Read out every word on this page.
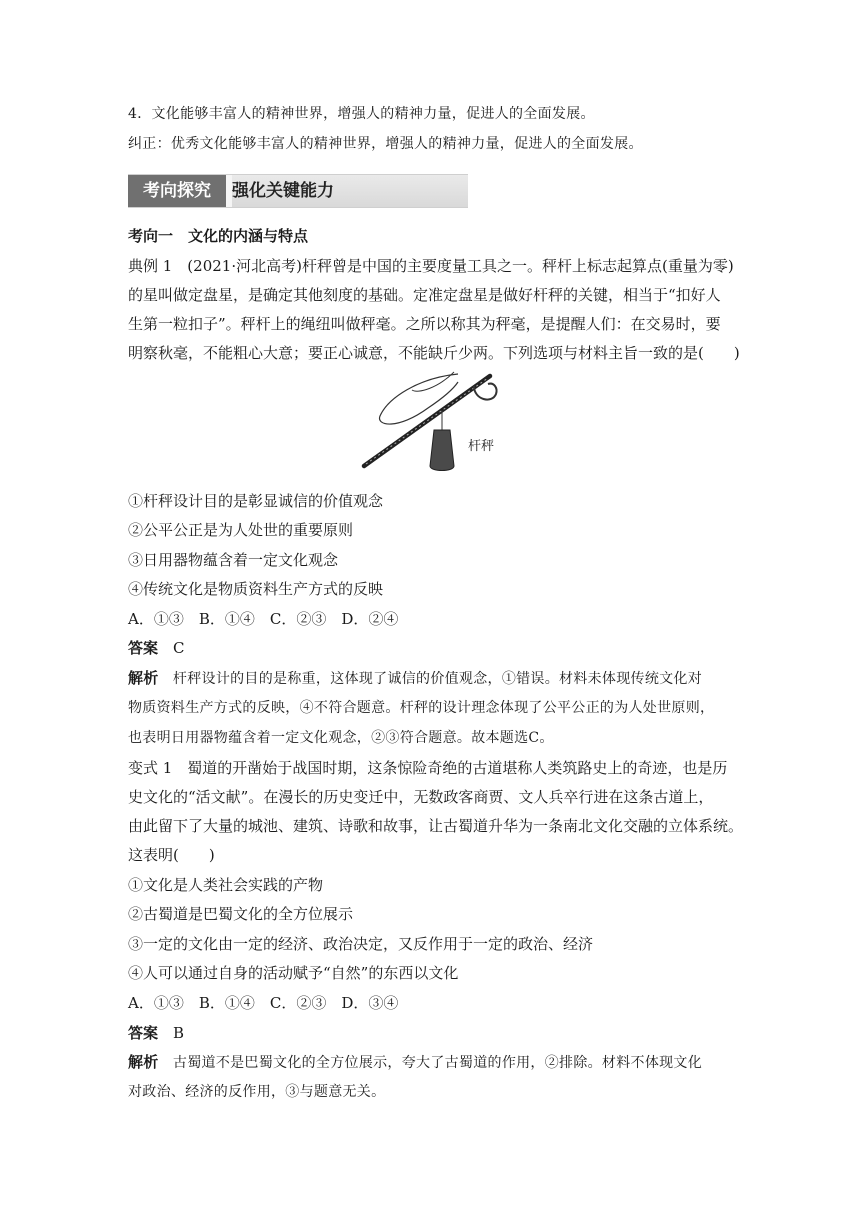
4．文化能够丰富人的精神世界，增强人的精神力量，促进人的全面发展。
纠正：优秀文化能够丰富人的精神世界，增强人的精神力量，促进人的全面发展。
考向探究	强化关键能力
考向一　 文化的内涵与特点
典例 1　(2021·河北高考)杆秤曾是中国的主要度量工具之一。秤杆上标志起算点(重量为零)
的星叫做定盘星，是确定其他刻度的基础。定准定盘星是做好杆秤的关键，相当于“扣好人
生第一粒扣子”。秤杆上的绳纽叫做秤毫。之所以称其为秤毫，是提醒人们：在交易时，要
明察秋毫，不能粗心大意；要正心诚意，不能缺斤少两。下列选项与材料主旨一致的是(　　)
杆秤
①杆秤设计目的是彰显诚信的价值观念
②公平公正是为人处世的重要原则
③日用器物蕴含着一定文化观念
④传统文化是物质资料生产方式的反映
A．①③　B．①④　C．②③　D．②④
答案　 C
解析　 杆秤设计的目的是称重，这体现了诚信的价值观念，①错误。材料未体现传统文化对
物质资料生产方式的反映，④不符合题意。杆秤的设计理念体现了公平公正的为人处世原则，
也表明日用器物蕴含着一定文化观念，②③符合题意。故本题选C。
变式 1　蜀道的开凿始于战国时期，这条惊险奇绝的古道堪称人类筑路史上的奇迹，也是历
史文化的“活文献”。在漫长的历史变迁中，无数政客商贾、文人兵卒行进在这条古道上，
由此留下了大量的城池、建筑、诗歌和故事，让古蜀道升华为一条南北文化交融的立体系统。
这表明(　　)
①文化是人类社会实践的产物
②古蜀道是巴蜀文化的全方位展示
③一定的文化由一定的经济、政治决定，又反作用于一定的政治、经济
④人可以通过自身的活动赋予“自然”的东西以文化
A．①③　B．①④　C．②③　D．③④
答案　 B
解析　 古蜀道不是巴蜀文化的全方位展示，夸大了古蜀道的作用，②排除。材料不体现文化
对政治、经济的反作用，③与题意无关。
